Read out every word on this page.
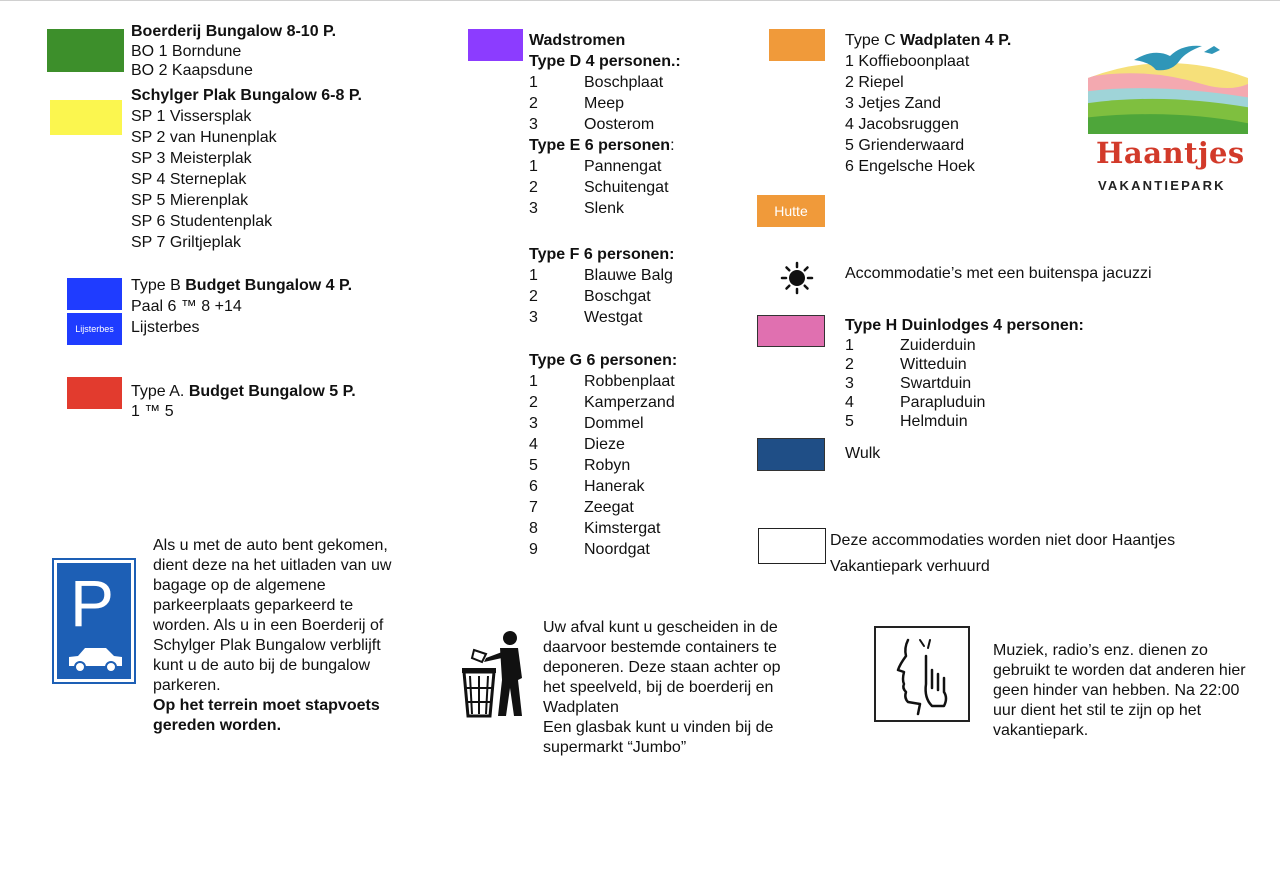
Boerderij Bungalow 8-10 P.
BO 1 Borndune
BO 2 Kaapsdune
Schylger Plak Bungalow 6-8 P.
SP 1 Vissersplak
SP 2 van Hunenplak
SP 3 Meisterplak
SP 4 Sterneplak
SP 5 Mierenplak
SP 6 Studentenplak
SP 7 Griltjeplak
Lijsterbes
Type B Budget Bungalow 4 P.
Paal 6 ™ 8 +14
Lijsterbes
Type A. Budget Bungalow 5 P.
1 ™ 5
Wadstromen
Type D 4 personen.:
1	Boschplaat
2	Meep
3	Oosterom
Type E 6 personen:
1	Pannengat
2	Schuitengat
3	Slenk
Type F 6 personen:
1	Blauwe Balg
2	Boschgat
3	Westgat
Type G 6 personen:
1	Robbenplaat
2	Kamperzand
3	Dommel
4	Dieze
5	Robyn
6	Hanerak
7	Zeegat
8	Kimstergat
9	Noordgat
Type C Wadplaten 4 P.
1 Koffieboonplaat
2 Riepel
3 Jetjes Zand
4 Jacobsruggen
5 Grienderwaard
6 Engelsche Hoek
Hutte
Accommodatie’s met een buitenspa jacuzzi
Type H Duinlodges 4 personen:
1	Zuiderduin
2	Witteduin
3	Swartduin
4	Parapluduin
5	Helmduin
Wulk
Deze accommodaties worden niet door Haantjes
Vakantiepark verhuurd
Haantjes
VAKANTIEPARK
P
Als u met de auto bent gekomen,
dient deze na het uitladen van uw
bagage op de algemene
parkeerplaats geparkeerd te
worden. Als u in een Boerderij of
Schylger Plak Bungalow verblijft
kunt u de auto bij de bungalow
parkeren.
Op het terrein moet stapvoets
gereden worden.
Uw afval kunt u gescheiden in de
daarvoor bestemde containers te
deponeren. Deze staan achter op
het speelveld, bij de boerderij en
Wadplaten
Een glasbak kunt u vinden bij de
supermarkt “Jumbo”
Muziek, radio’s enz. dienen zo
gebruikt te worden dat anderen hier
geen hinder van hebben. Na 22:00
uur dient het stil te zijn op het
vakantiepark.
